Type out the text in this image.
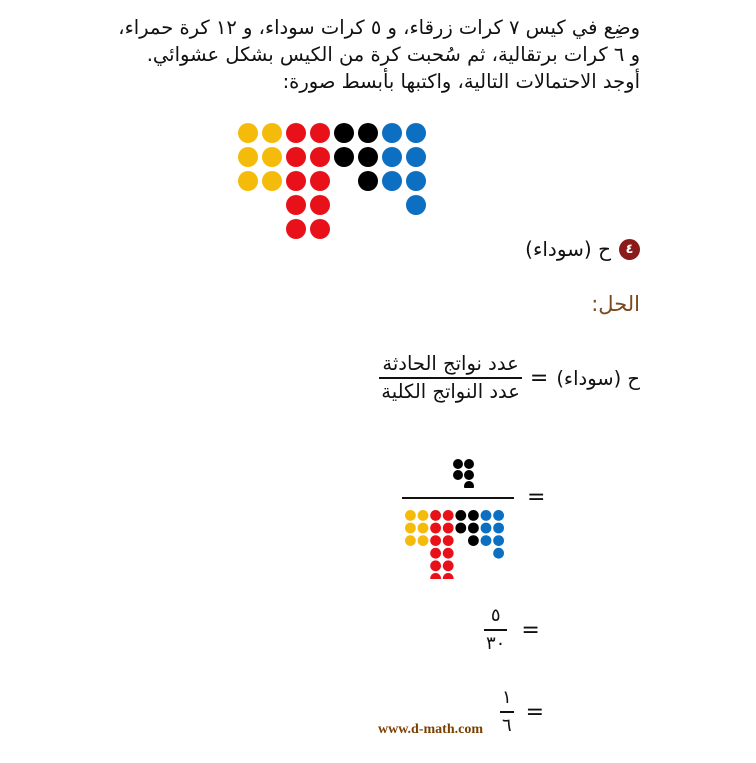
وضِع في كيس ٧ كرات زرقاء، و ٥ كرات سوداء، و ١٢ كرة حمراء،
و ٦ كرات برتقالية، ثم سُحبت كرة من الكيس بشكل عشوائي.
أوجد الاحتمالات التالية، واكتبها بأبسط صورة:
٤
ح (سوداء)
الحل:
ح (سوداء)
=
$\frac{\text{عدد نواتج الحادثة}}{\text{عدد النواتج الكلية}}$
=
$\frac{٥}{٣٠}$ =
$\frac{١}{٦}$ =
www.d-math.com
